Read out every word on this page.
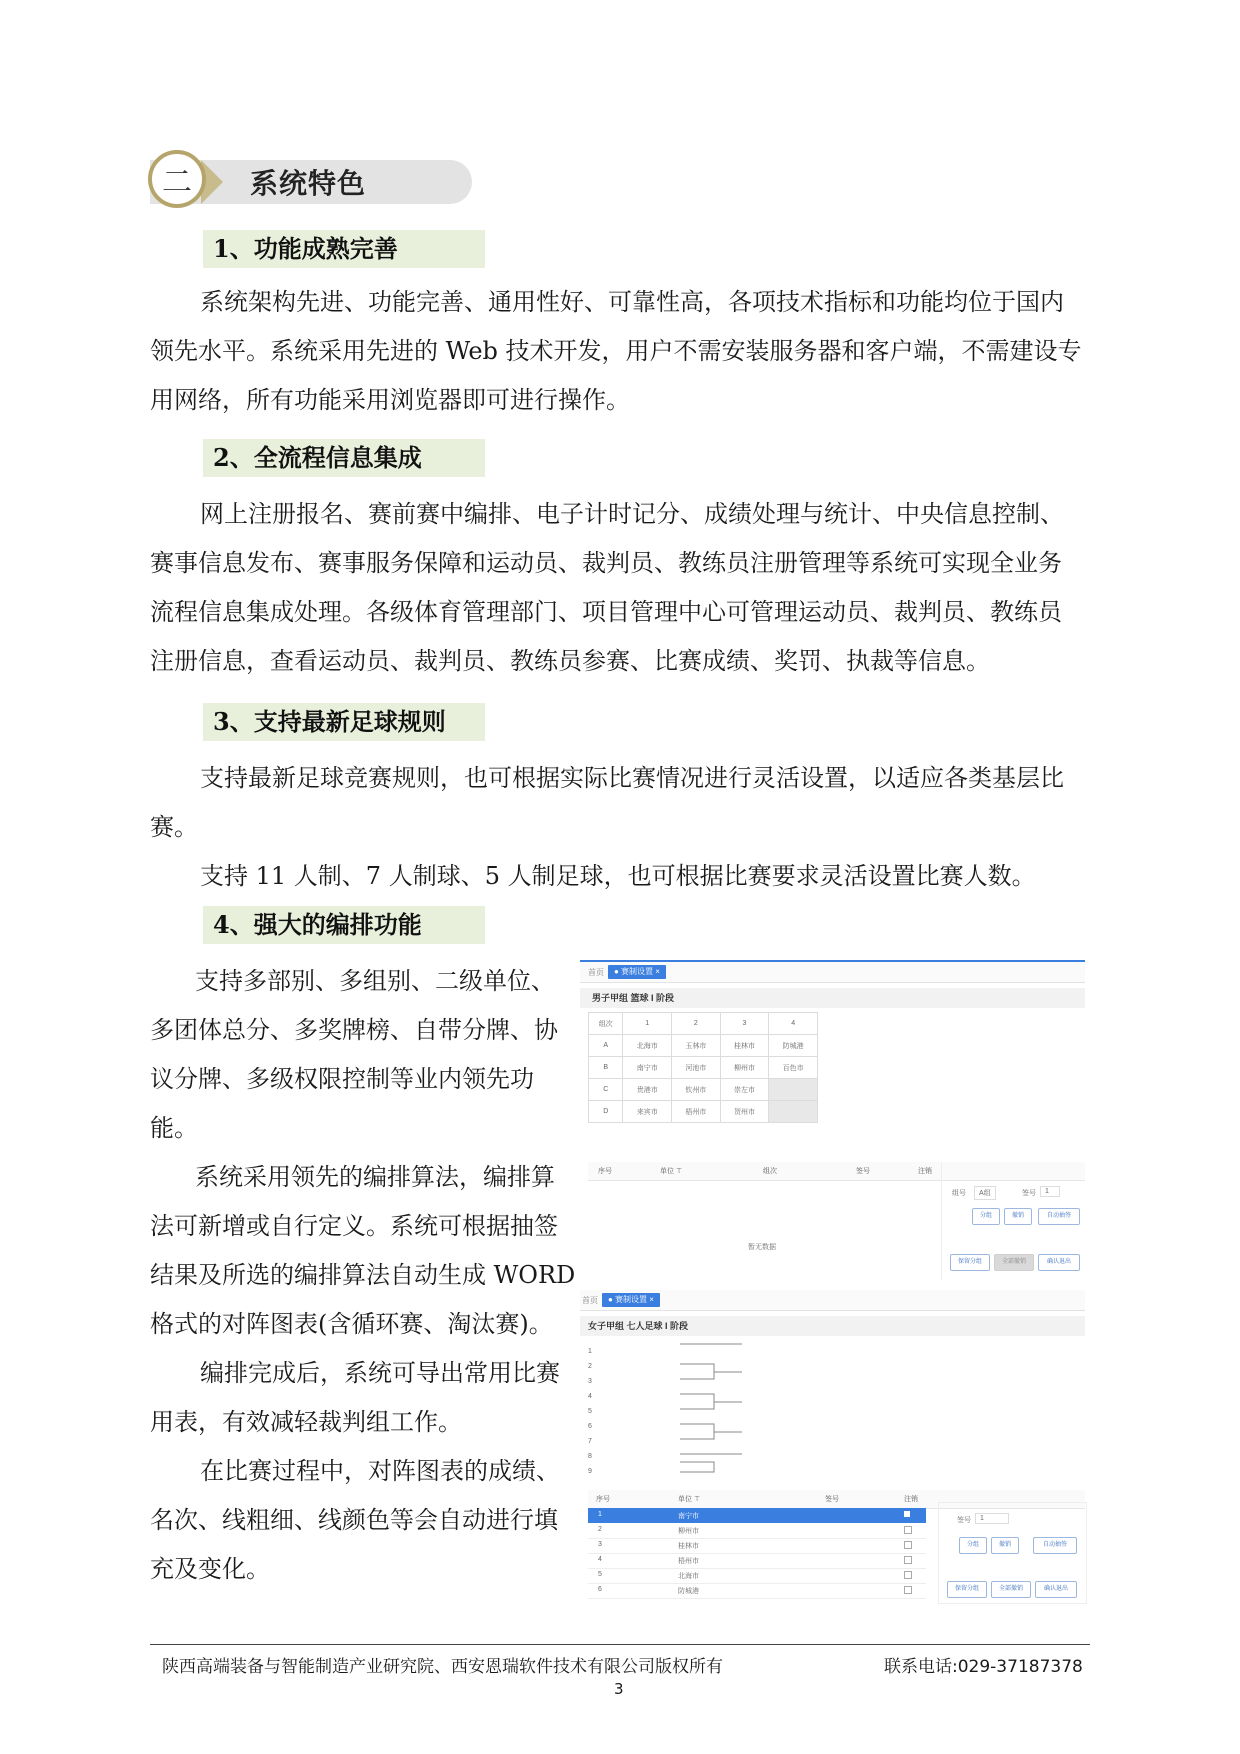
二	系统特色
1、功能成熟完善
系统架构先进、功能完善、通用性好、可靠性高，各项技术指标和功能均位于国内
领先水平。系统采用先进的 Web 技术开发，用户不需安装服务器和客户端，不需建设专
用网络，所有功能采用浏览器即可进行操作。
2、全流程信息集成
网上注册报名、赛前赛中编排、电子计时记分、成绩处理与统计、中央信息控制、
赛事信息发布、赛事服务保障和运动员、裁判员、教练员注册管理等系统可实现全业务
流程信息集成处理。各级体育管理部门、项目管理中心可管理运动员、裁判员、教练员
注册信息，查看运动员、裁判员、教练员参赛、比赛成绩、奖罚、执裁等信息。
3、支持最新足球规则
支持最新足球竞赛规则，也可根据实际比赛情况进行灵活设置，以适应各类基层比
赛。
支持 11 人制、7 人制球、5 人制足球，也可根据比赛要求灵活设置比赛人数。
4、强大的编排功能
支持多部别、多组别、二级单位、
多团体总分、多奖牌榜、自带分牌、协
议分牌、多级权限控制等业内领先功
能。
系统采用领先的编排算法，编排算
法可新增或自行定义。系统可根据抽签
结果及所选的编排算法自动生成 WORD
格式的对阵图表(含循环赛、淘汰赛)。
编排完成后，系统可导出常用比赛
用表，有效减轻裁判组工作。
在比赛过程中，对阵图表的成绩、
名次、线粗细、线颜色等会自动进行填
充及变化。
首页	● 赛制设置 ×
男子甲组 篮球 I 阶段
组次	1	2	3	4
A	北海市	玉林市	桂林市	防城港
B	南宁市	河池市	柳州市	百色市
C	贵港市	钦州市	崇左市	
D	来宾市	梧州市	贺州市	
序号	单位 ⊤	组次	签号	注销
暂无数据
组号	A组	签号	1
分组	撤销	自动抽签
保留分组	全部撤销	确认退出
首页	● 赛制设置 ×
女子甲组 七人足球 I 阶段
1
2
3
4
5
6
7
8
9
序号	单位 ⊤	签号	注销
1	南宁市
2	柳州市
3	桂林市
4	梧州市
5	北海市
6	防城港
签号	1
分组	撤销	自动抽签
保留分组	全部撤销	确认退出
陕西高端装备与智能制造产业研究院、西安恩瑞软件技术有限公司版权所有	联系电话:029-37187378
3
